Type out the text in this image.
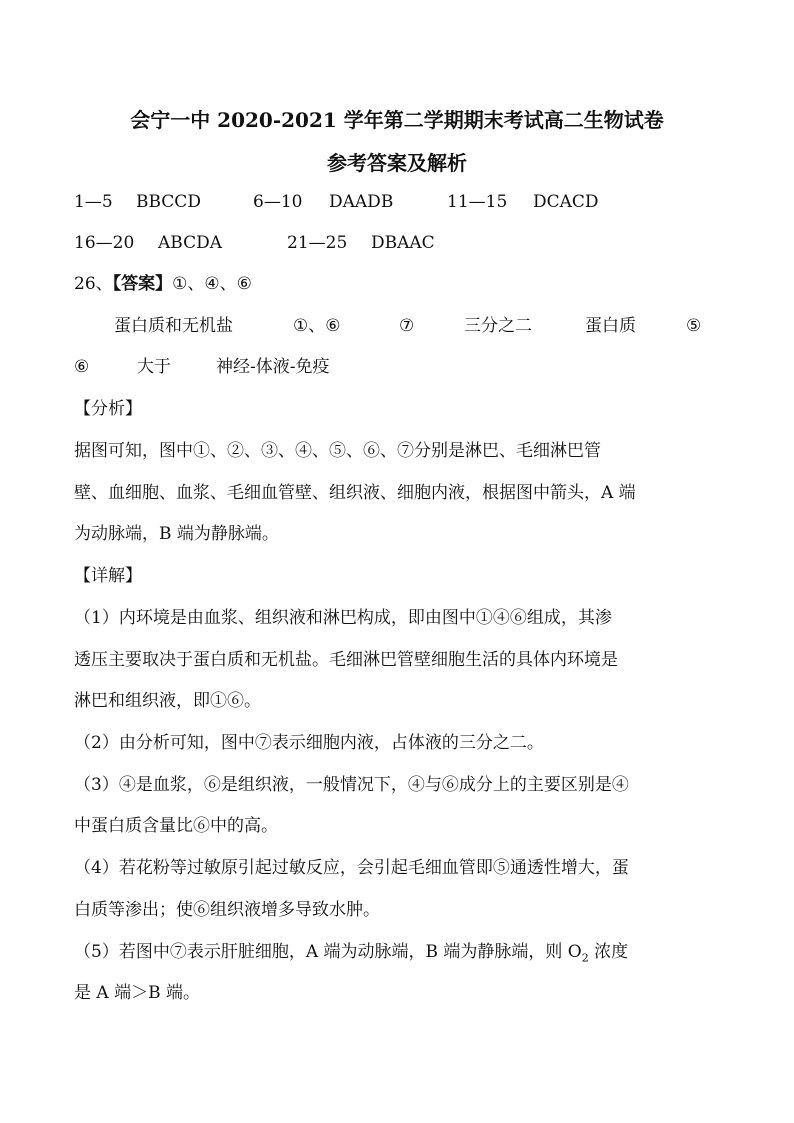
会宁一中 2020-2021 学年第二学期期末考试高二生物试卷
参考答案及解析
1—5 BBCCD	6—10 DAADB	11—15 DCACD
16—20 ABCDA	21—25 DBAAC
26、【答案】①、④、⑥
蛋白质和无机盐	①、⑥	⑦	三分之二	蛋白质	⑤
⑥	大于	神经-体液-免疫
【分析】
据图可知，图中①、②、③、④、⑤、⑥、⑦分别是淋巴、毛细淋巴管
壁、血细胞、血浆、毛细血管壁、组织液、细胞内液，根据图中箭头，A 端
为动脉端，B 端为静脉端。
【详解】
（1）内环境是由血浆、组织液和淋巴构成，即由图中①④⑥组成，其渗
透压主要取决于蛋白质和无机盐。毛细淋巴管壁细胞生活的具体内环境是
淋巴和组织液，即①⑥。
（2）由分析可知，图中⑦表示细胞内液，占体液的三分之二。
（3）④是血浆，⑥是组织液，一般情况下，④与⑥成分上的主要区别是④
中蛋白质含量比⑥中的高。
（4）若花粉等过敏原引起过敏反应，会引起毛细血管即⑤通透性增大，蛋
白质等渗出；使⑥组织液增多导致水肿。
（5）若图中⑦表示肝脏细胞，A 端为动脉端，B 端为静脉端，则 $O_2$ 浓度
是 A 端＞B 端。
